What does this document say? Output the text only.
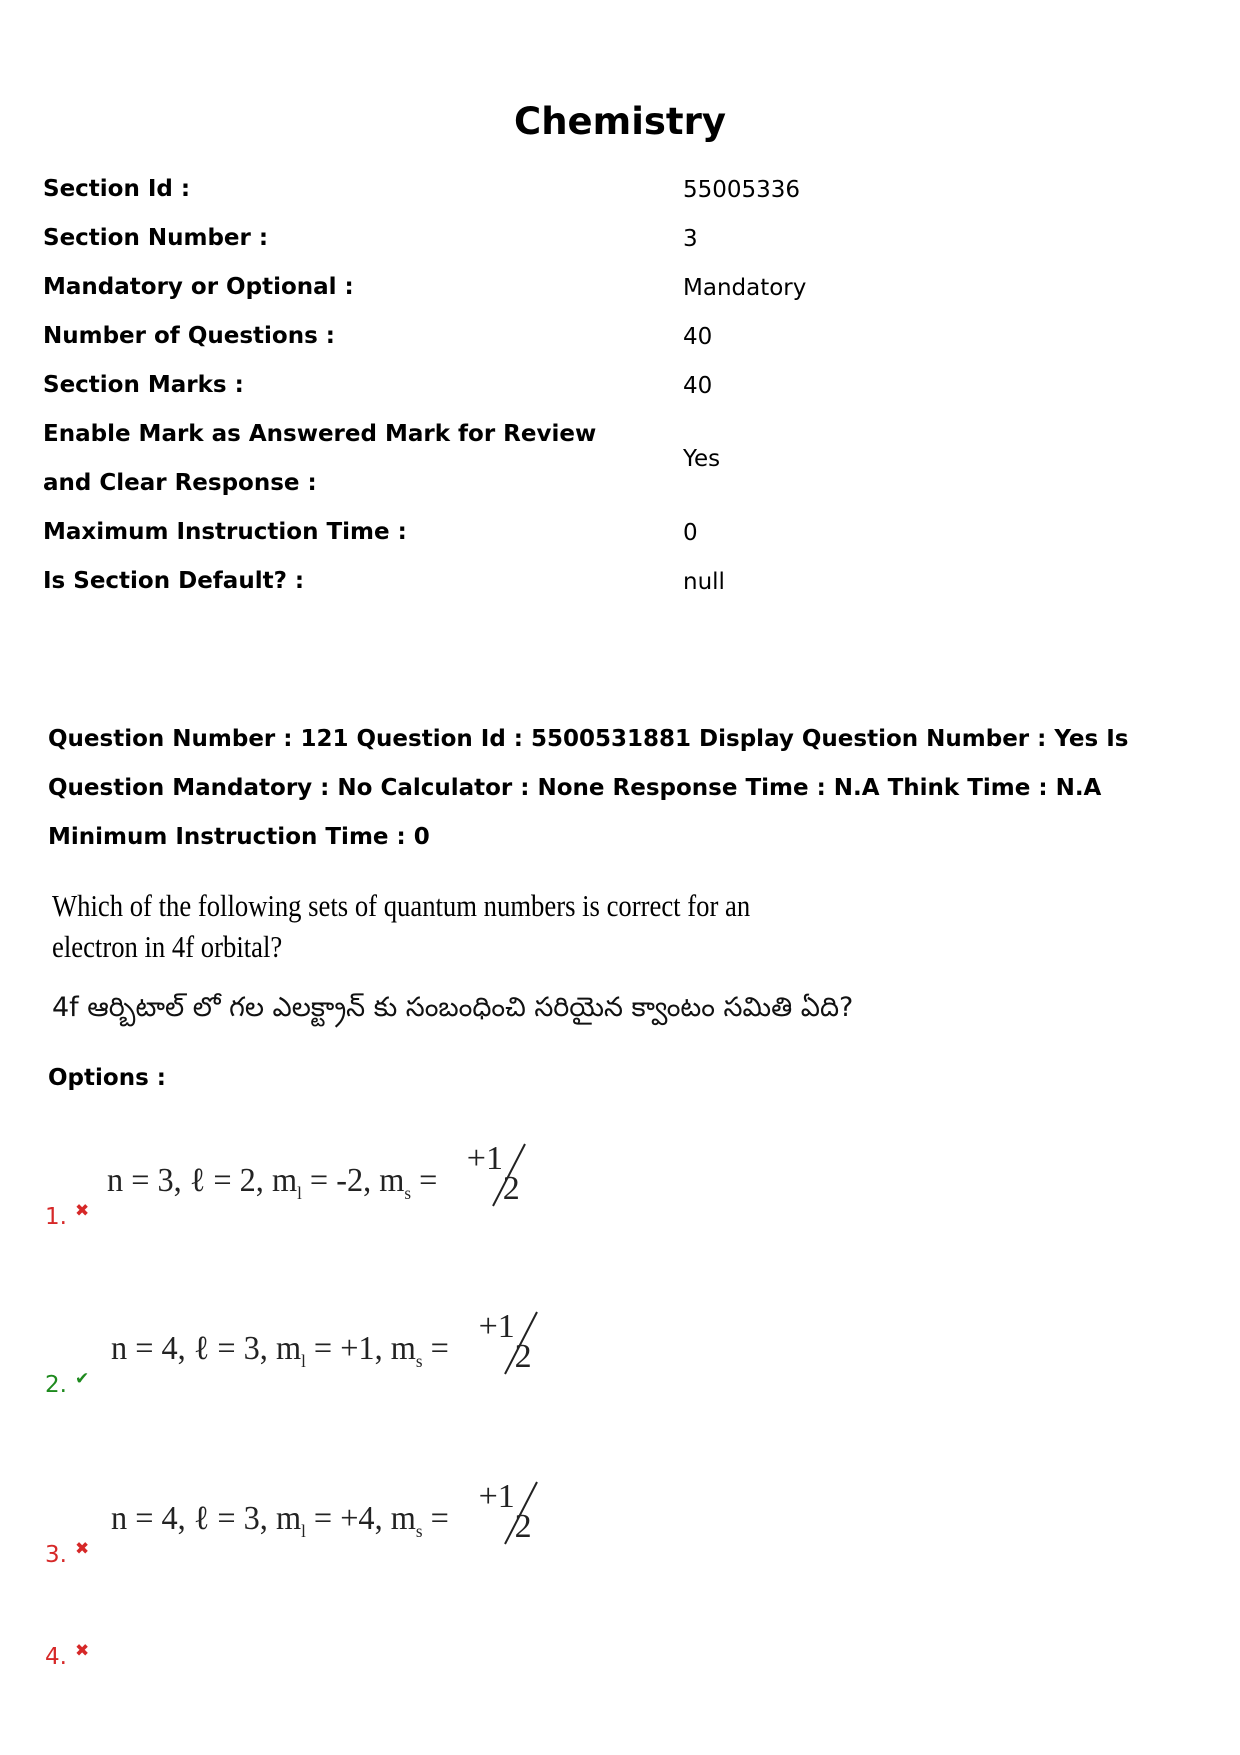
Chemistry
Section Id :	55005336
Section Number :	3
Mandatory or Optional :	Mandatory
Number of Questions :	40
Section Marks :	40
Enable Mark as Answered Mark for Review and Clear Response :
Yes
Maximum Instruction Time :	0
Is Section Default? :	null
Question Number : 121 Question Id : 5500531881 Display Question Number : Yes Is Question Mandatory : No Calculator : None Response Time : N.A Think Time : N.A Minimum Instruction Time : 0
Which of the following sets of quantum numbers is correct for an electron in 4f orbital?
4f ఆర్బిటాల్ లో గల ఎలక్ట్రాన్ కు సంబంధించి సరియైన క్వాంటం సమితి ఏది?
Options :
n = 3, ℓ = 2, $m_l = -2$, $m_s$ =
+1
2
1. ✖
n = 4, ℓ = 3, $m_l = +1$, $m_s$ =
+1
2
2. ✔
n = 4, ℓ = 3, $m_l = +4$, $m_s$ =
+1
2
3. ✖
4. ✖
